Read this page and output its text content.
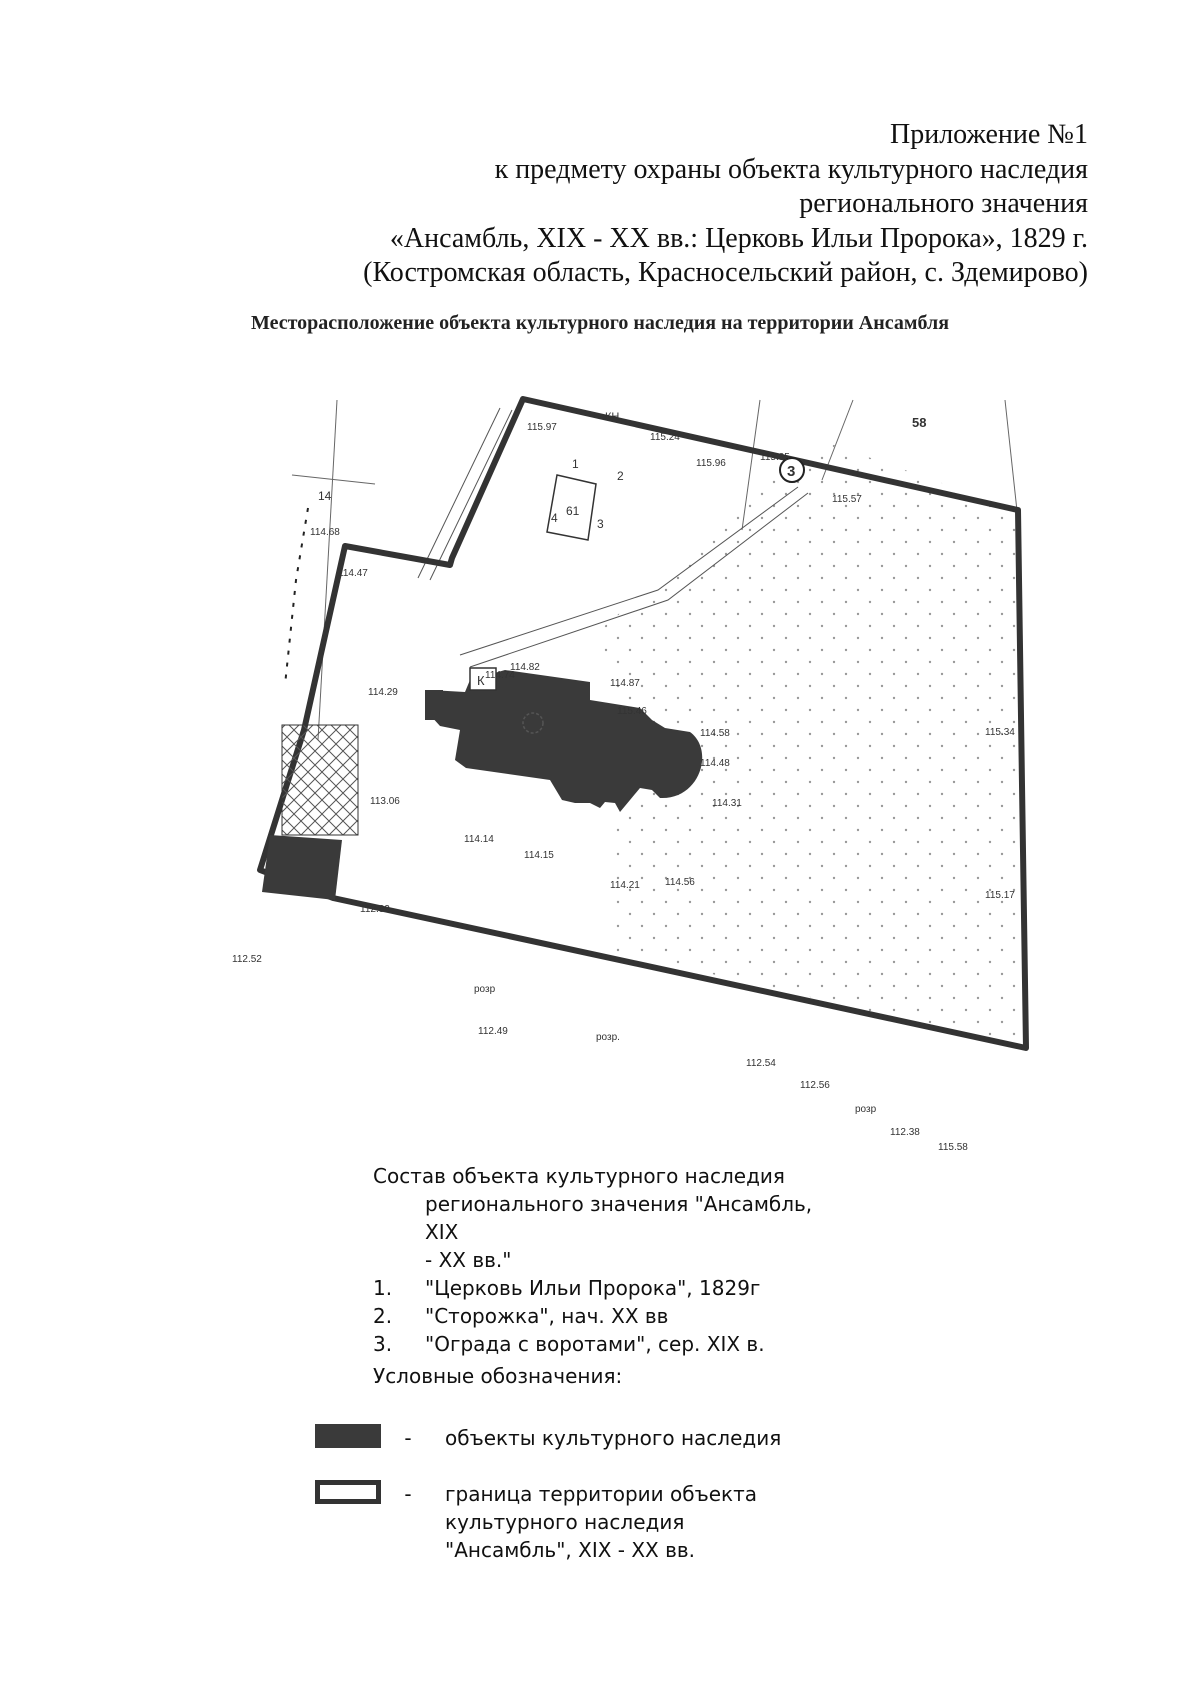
Приложение №1
к предмету охраны объекта культурного наследия
регионального значения
«Ансамбль, XIX - XX вв.: Церковь Ильи Пророка», 1829 г.
(Костромская область, Красносельский район, с. Здемирово)
Месторасположение объекта культурного наследия на территории Ансамбля
К
3
58
КН
61
1
2
3
4
14
115.97
115.24
115.96
115.95
115.57
114.68
114.47
114.29
114.74
114.82
114.87
115.46
114.58
114.48
114.31
113.06
114.14
114.15
114.21	114.56
112.82
112.52
112.49
112.54
112.56
112.38
115.58
115.34
115.17
розр
розр.
розр
Состав объекта культурного наследия
регионального значения "Ансамбль, XIX
- XX вв."
1.	"Церковь Ильи Пророка", 1829г
2.	"Сторожка", нач. XX вв
3.	"Ограда с воротами", сер. XIX в.
Условные обозначения:
-	объекты культурного наследия
-	граница территории объекта культурного наследия "Ансамбль", XIX - XX вв.
